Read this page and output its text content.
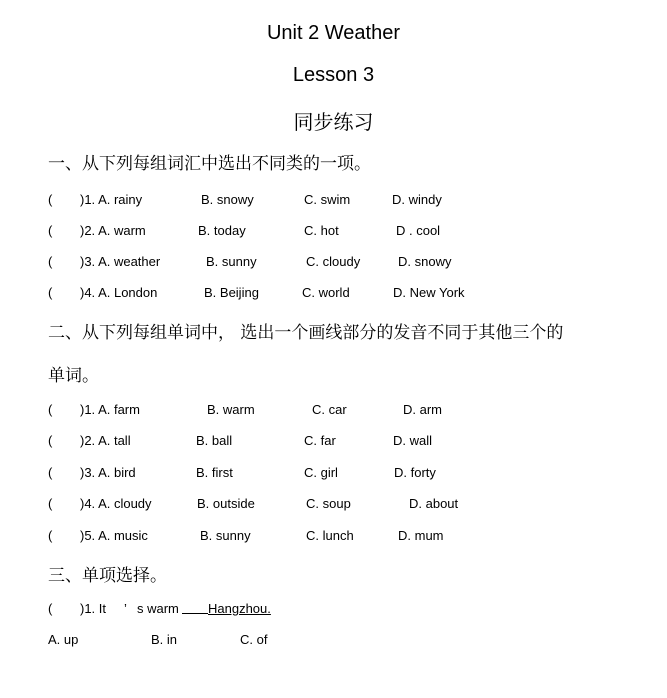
Unit 2 Weather
Lesson 3
同步练习
一、从下列每组词汇中选出不同类的一项。
( )1. A. rainy	B. snowy	C. swim	D. windy
( )2. A. warm	B. today	C. hot	D . cool
( )3. A. weather	B. sunny	C. cloudy	D. snowy
( )4. A. London	B. Beijing	C. world	D. New York
二、从下列每组单词中， 选出一个画线部分的发音不同于其他三个的
单词。
( )1. A. farm	B. warm	C. car	D. arm
( )2. A. tall	B. ball	C. far	D. wall
( )3. A. bird	B. first	C. girl	D. forty
( )4. A. cloudy	B. outside	C. soup	D. about
( )5. A. music	B. sunny	C. lunch	D. mum
三、单项选择。
( )1. It ’ s warm Hangzhou.
A. up	B. in	C. of
